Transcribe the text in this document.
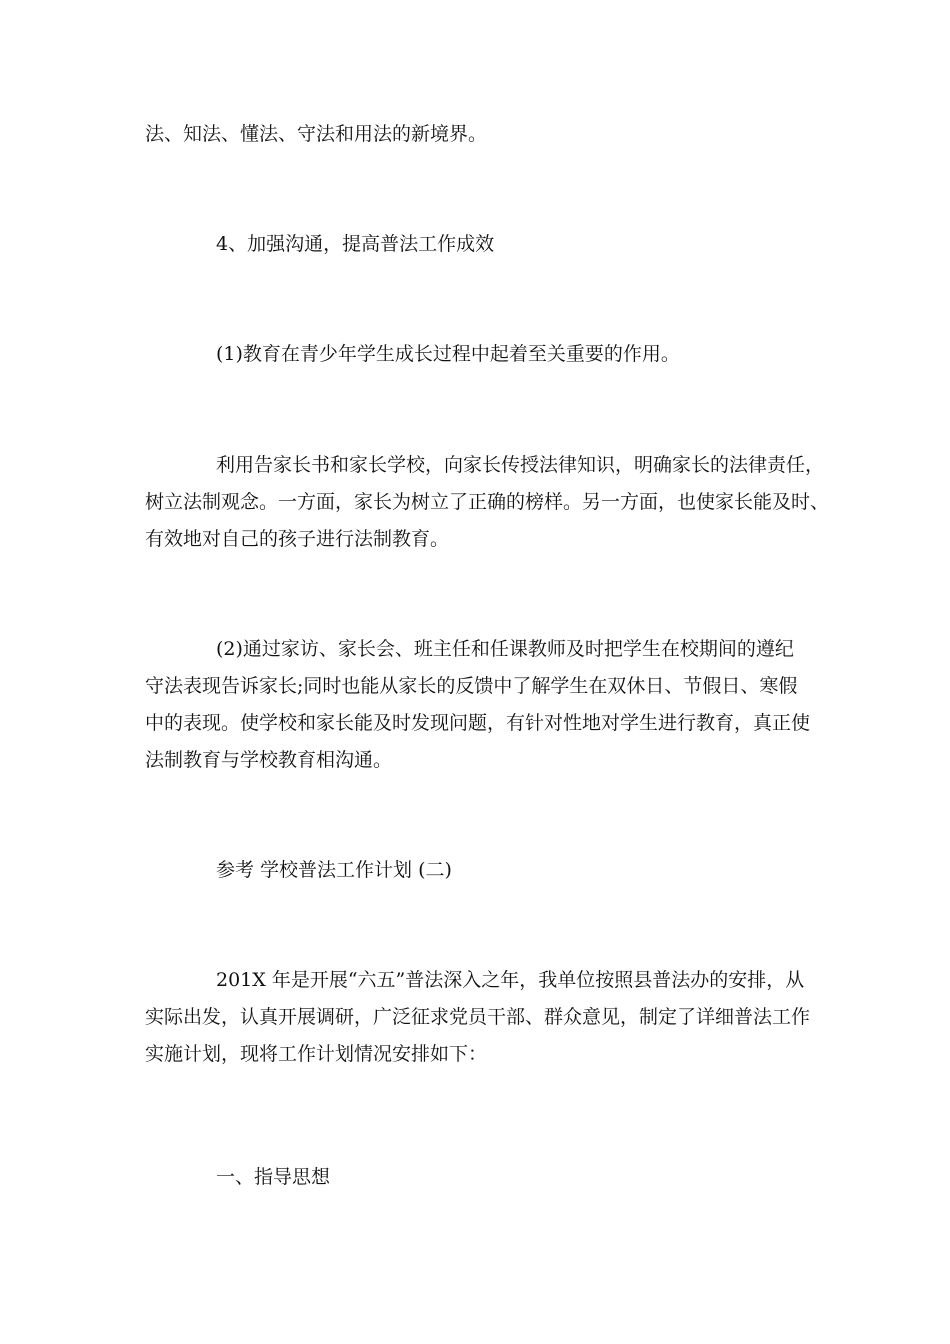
法、知法、懂法、守法和用法的新境界。

4、加强沟通，提高普法工作成效

(1)教育在青少年学生成长过程中起着至关重要的作用。

利用告家长书和家长学校，向家长传授法律知识，明确家长的法律责任，
树立法制观念。一方面，家长为树立了正确的榜样。另一方面，也使家长能及时、
有效地对自己的孩子进行法制教育。

(2)通过家访、家长会、班主任和任课教师及时把学生在校期间的遵纪
守法表现告诉家长;同时也能从家长的反馈中了解学生在双休日、节假日、寒假
中的表现。使学校和家长能及时发现问题，有针对性地对学生进行教育，真正使
法制教育与学校教育相沟通。

参考 学校普法工作计划 (二)

201X 年是开展“六五”普法深入之年，我单位按照县普法办的安排，从
实际出发，认真开展调研，广泛征求党员干部、群众意见，制定了详细普法工作
实施计划，现将工作计划情况安排如下：

一、指导思想
